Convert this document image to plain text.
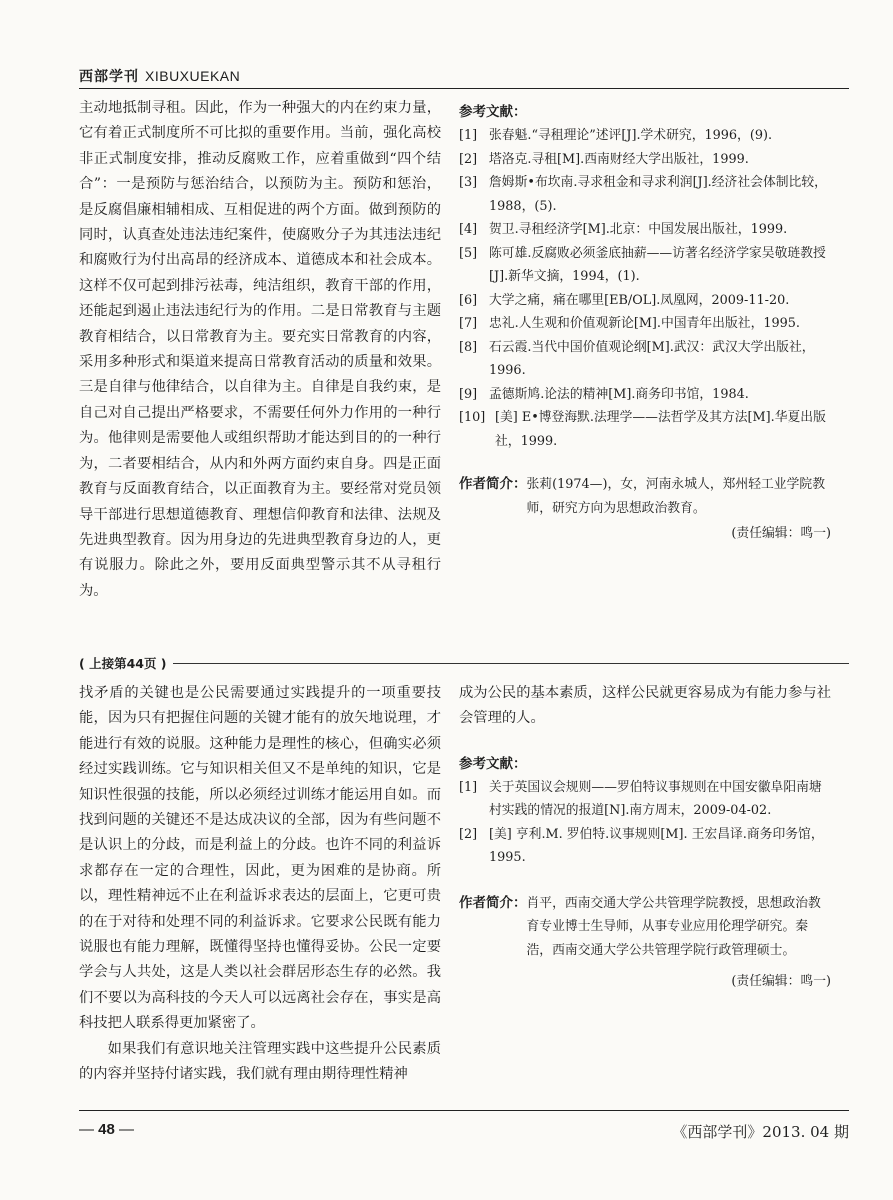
西部学刊 XIBUXUEKAN

主动地抵制寻租。因此，作为一种强大的内在约束力量，它有着正式制度所不可比拟的重要作用。当前，强化高校非正式制度安排，推动反腐败工作，应着重做到“四个结合”：一是预防与惩治结合，以预防为主。预防和惩治，是反腐倡廉相辅相成、互相促进的两个方面。做到预防的同时，认真查处违法违纪案件，使腐败分子为其违法违纪和腐败行为付出高昂的经济成本、道德成本和社会成本。这样不仅可起到排污祛毒，纯洁组织，教育干部的作用，还能起到遏止违法违纪行为的作用。二是日常教育与主题教育相结合，以日常教育为主。要充实日常教育的内容，采用多种形式和渠道来提高日常教育活动的质量和效果。三是自律与他律结合，以自律为主。自律是自我约束，是自己对自己提出严格要求，不需要任何外力作用的一种行为。他律则是需要他人或组织帮助才能达到目的的一种行为，二者要相结合，从内和外两方面约束自身。四是正面教育与反面教育结合，以正面教育为主。要经常对党员领导干部进行思想道德教育、理想信仰教育和法律、法规及先进典型教育。因为用身边的先进典型教育身边的人，更有说服力。除此之外，要用反面典型警示其不从寻租行为。

参考文献：

[1] 张春魁.“寻租理论”述评[J].学术研究，1996，(9).
[2] 塔洛克.寻租[M].西南财经大学出版社，1999.
[3] 詹姆斯•布坎南.寻求租金和寻求利润[J].经济社会体制比较，1988，(5).
[4] 贺卫.寻租经济学[M].北京：中国发展出版社，1999.
[5] 陈可雄.反腐败必须釜底抽薪——访著名经济学家吴敬琏教授[J].新华文摘，1994，(1).
[6] 大学之痛，痛在哪里[EB/OL].凤凰网，2009-11-20.
[7] 忠礼.人生观和价值观新论[M].中国青年出版社，1995.
[8] 石云霞.当代中国价值观论纲[M].武汉：武汉大学出版社，1996.
[9] 孟德斯鸠.论法的精神[M].商务印书馆，1984.
[10] [美] E•博登海默.法理学——法哲学及其方法[M].华夏出版社，1999.
作者简介： 张莉(1974—)，女，河南永城人，郑州轻工业学院教师，研究方向为思想政治教育。
(责任编辑：鸣一)
( 上接第44页 )

找矛盾的关键也是公民需要通过实践提升的一项重要技能，因为只有把握住问题的关键才能有的放矢地说理，才能进行有效的说服。这种能力是理性的核心，但确实必须经过实践训练。它与知识相关但又不是单纯的知识，它是知识性很强的技能，所以必须经过训练才能运用自如。而找到问题的关键还不是达成决议的全部，因为有些问题不是认识上的分歧，而是利益上的分歧。也许不同的利益诉求都存在一定的合理性，因此，更为困难的是协商。所以，理性精神远不止在利益诉求表达的层面上，它更可贵的在于对待和处理不同的利益诉求。它要求公民既有能力说服也有能力理解，既懂得坚持也懂得妥协。公民一定要学会与人共处，这是人类以社会群居形态生存的必然。我们不要以为高科技的今天人可以远离社会存在，事实是高科技把人联系得更加紧密了。

如果我们有意识地关注管理实践中这些提升公民素质的内容并坚持付诸实践，我们就有理由期待理性精神

成为公民的基本素质，这样公民就更容易成为有能力参与社会管理的人。

参考文献：

[1] 关于英国议会规则——罗伯特议事规则在中国安徽阜阳南塘村实践的情况的报道[N].南方周末，2009-04-02.
[2] [美] 亨利.M. 罗伯特.议事规则[M]. 王宏昌译.商务印务馆，1995.
作者简介： 肖平，西南交通大学公共管理学院教授，思想政治教育专业博士生导师，从事专业应用伦理学研究。秦浩，西南交通大学公共管理学院行政管理硕士。
(责任编辑：鸣一)
— 48 —	《西部学刊》2013. 04 期
